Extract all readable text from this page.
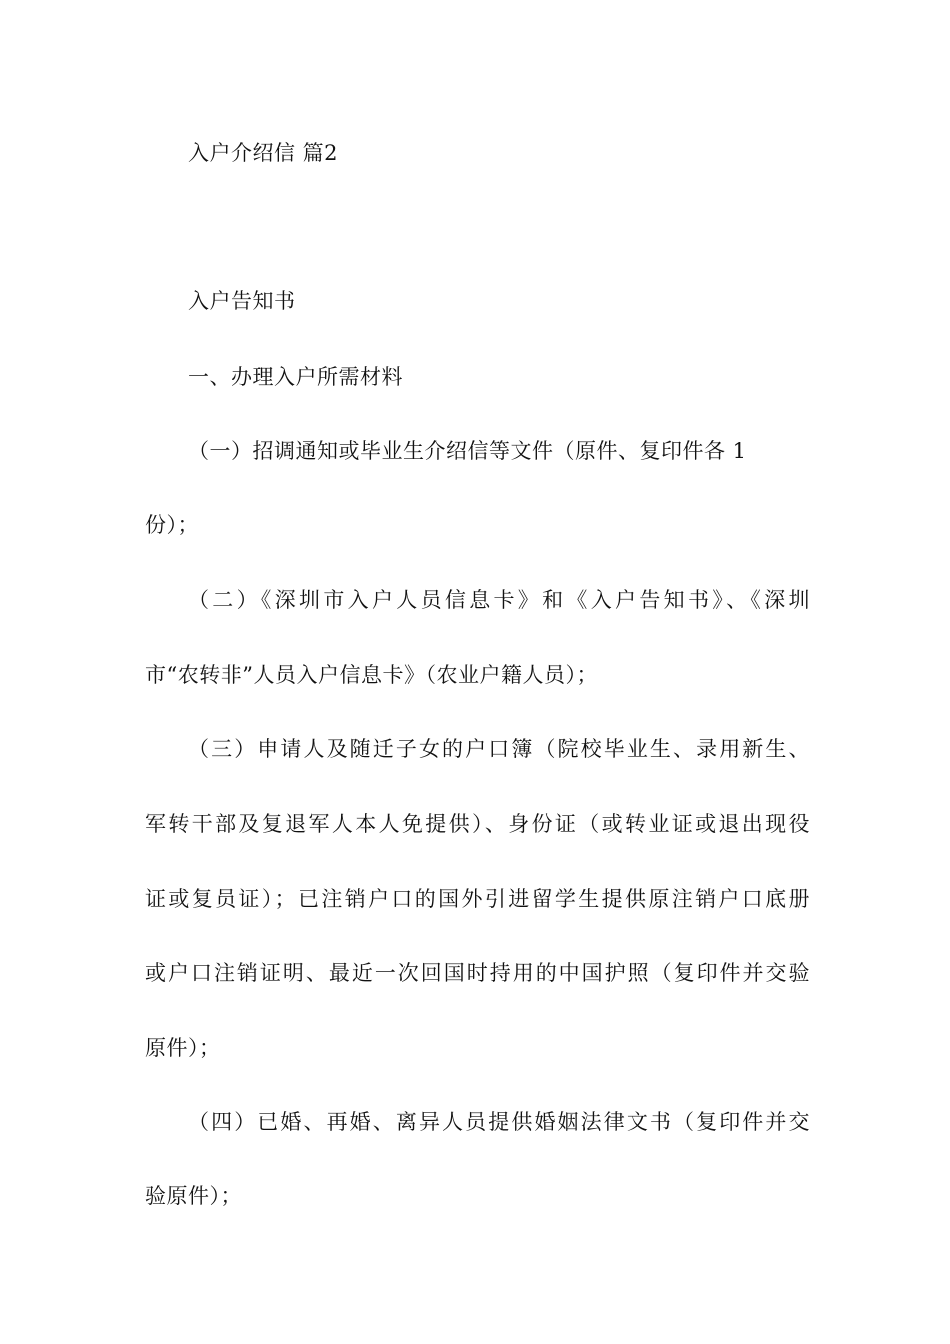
入户介绍信 篇2
入户告知书
一、办理入户所需材料
（一）招调通知或毕业生介绍信等文件（原件、复印件各 1
份）；
（二）《深圳市入户人员信息卡》和《入户告知书》、《深圳
市“农转非”人员入户信息卡》（农业户籍人员）；
（三）申请人及随迁子女的户口簿（院校毕业生、录用新生、
军转干部及复退军人本人免提供）、身份证（或转业证或退出现役
证或复员证）；已注销户口的国外引进留学生提供原注销户口底册
或户口注销证明、最近一次回国时持用的中国护照（复印件并交验
原件）；
（四）已婚、再婚、离异人员提供婚姻法律文书（复印件并交
验原件）；
